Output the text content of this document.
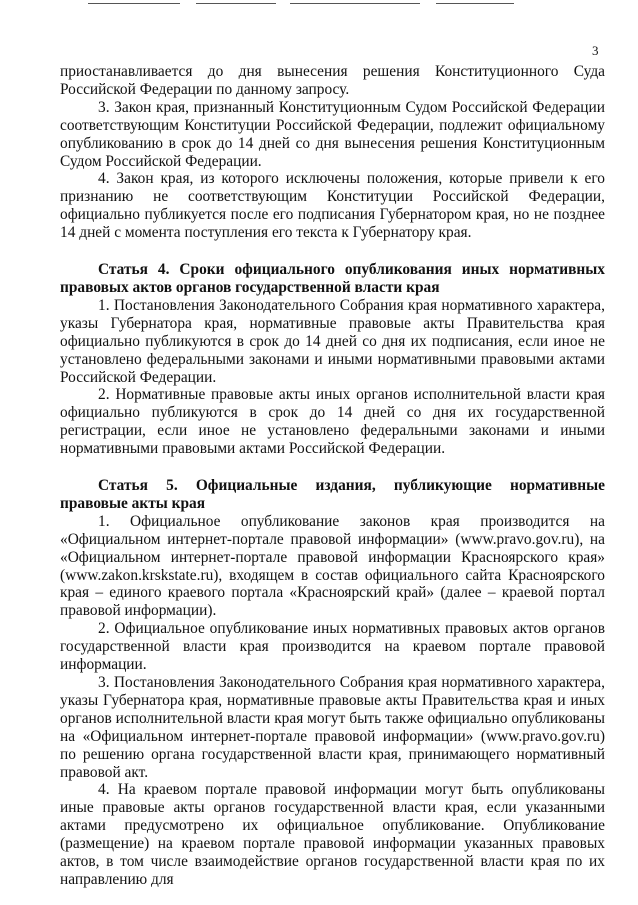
3

приостанавливается до дня вынесения решения Конституционного Суда Российской Федерации по данному запросу.

3. Закон края, признанный Конституционным Судом Российской Федерации соответствующим Конституции Российской Федерации, подлежит официальному опубликованию в срок до 14 дней со дня вынесения решения Конституционным Судом Российской Федерации.

4. Закон края, из которого исключены положения, которые привели к его признанию не соответствующим Конституции Российской Федерации, официально публикуется после его подписания Губернатором края, но не позднее 14 дней с момента поступления его текста к Губернатору края.

Статья 4. Сроки официального опубликования иных нормативных правовых актов органов государственной власти края

1. Постановления Законодательного Собрания края нормативного характера, указы Губернатора края, нормативные правовые акты Правительства края официально публикуются в срок до 14 дней со дня их подписания, если иное не установлено федеральными законами и иными нормативными правовыми актами Российской Федерации.

2. Нормативные правовые акты иных органов исполнительной власти края официально публикуются в срок до 14 дней со дня их государственной регистрации, если иное не установлено федеральными законами и иными нормативными правовыми актами Российской Федерации.

Статья 5. Официальные издания, публикующие нормативные правовые акты края

1. Официальное опубликование законов края производится на «Официальном интернет-портале правовой информации» (www.pravo.gov.ru), на «Официальном интернет-портале правовой информации Красноярского края» (www.zakon.krskstate.ru), входящем в состав официального сайта Красноярского края – единого краевого портала «Красноярский край» (далее – краевой портал правовой информации).

2. Официальное опубликование иных нормативных правовых актов органов государственной власти края производится на краевом портале правовой информации.

3. Постановления Законодательного Собрания края нормативного характера, указы Губернатора края, нормативные правовые акты Правительства края и иных органов исполнительной власти края могут быть также официально опубликованы на «Официальном интернет-портале правовой информации» (www.pravo.gov.ru) по решению органа государственной власти края, принимающего нормативный правовой акт.

4. На краевом портале правовой информации могут быть опубликованы иные правовые акты органов государственной власти края, если указанными актами предусмотрено их официальное опубликование. Опубликование (размещение) на краевом портале правовой информации указанных правовых актов, в том числе взаимодействие органов государственной власти края по их направлению для
